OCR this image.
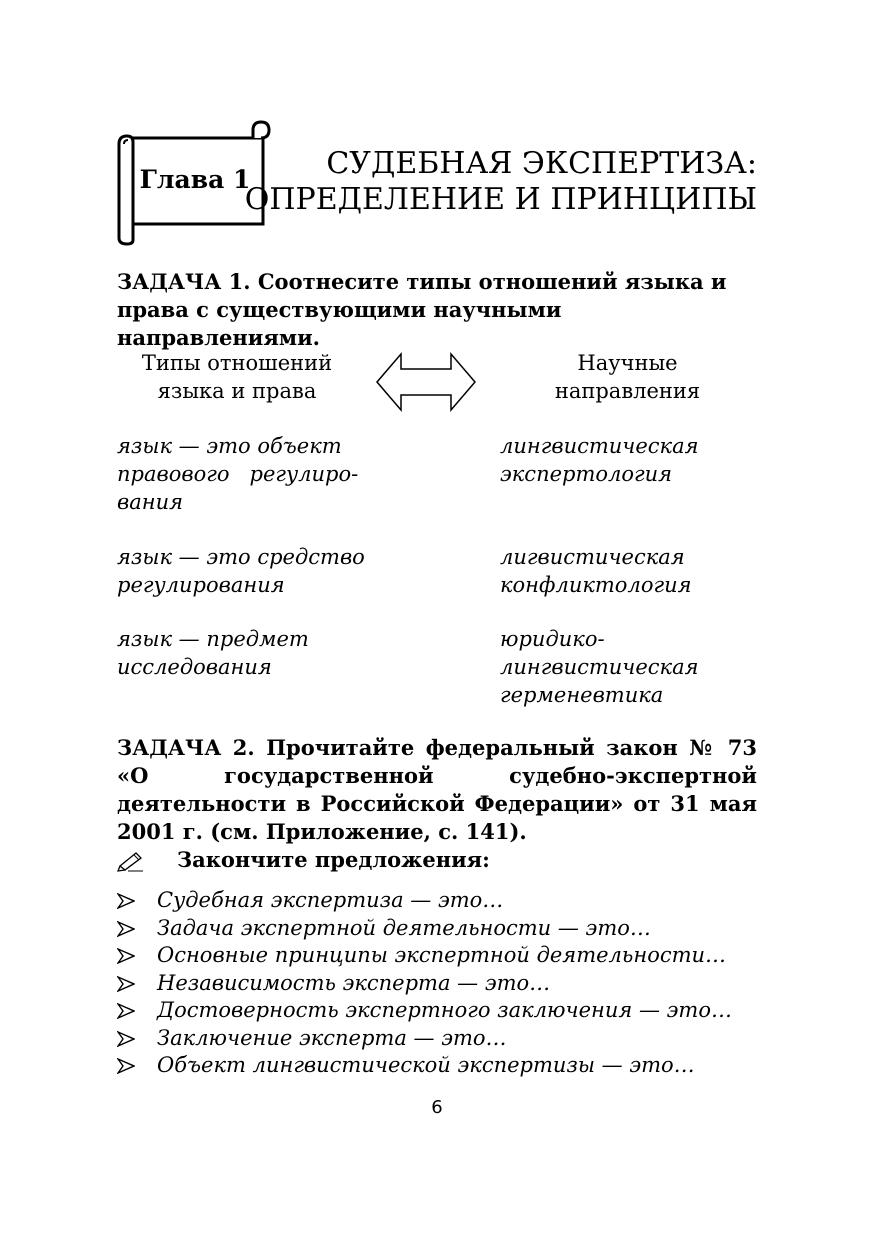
Глава 1	СУДЕБНАЯ ЭКСПЕРТИЗА:
ОПРЕДЕЛЕНИЕ И ПРИНЦИПЫ
ЗАДАЧА 1. Соотнесите типы отношений языка и права с существующими научными направлениями.
Типы отношений
языка и права
Научные
направления
язык — это объект
правового   регулиро-
вания
язык — это средство
регулирования
язык — предмет
исследования
лингвистическая
экспертология
лигвистическая
конфликтология
юридико-
лингвистическая
герменевтика
ЗАДАЧА 2. Прочитайте федеральный закон № 73 «О государственной судебно-экспертной деятельности в Российской Федерации» от 31 мая 2001 г. (см. Приложение, с. 141).
Закончите предложения:
Судебная экспертиза — это…
Задача экспертной деятельности — это…
Основные принципы экспертной деятельности…
Независимость эксперта — это…
Достоверность экспертного заключения — это…
Заключение эксперта — это…
Объект лингвистической экспертизы — это…
6
